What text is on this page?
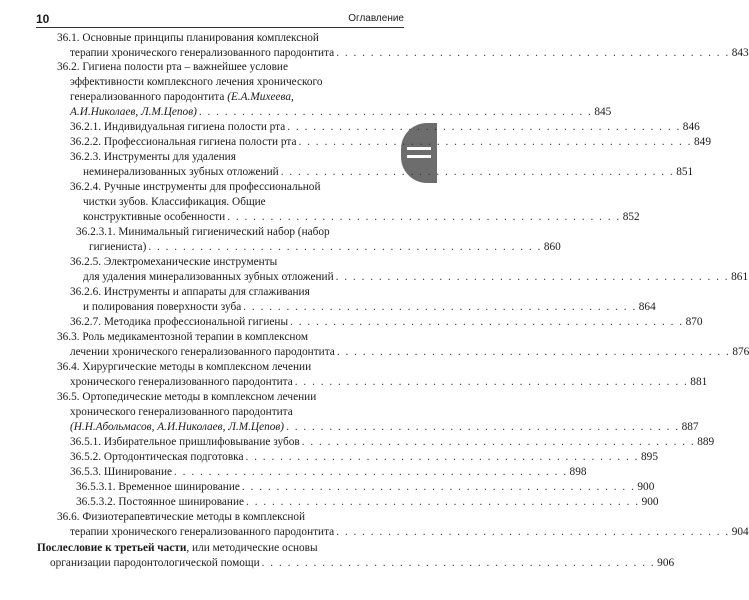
10	Оглавление
36.1. Основные принципы планирования комплексной
терапии хронического генерализованного пародонтита . . . . . . . . . . . . . . . . . . . . . . . . . . . . . . . . . . . . . . . . . . . . . . 843
36.2. Гигиена полости рта – важнейшее условие
эффективности комплексного лечения хронического
генерализованного пародонтита (Е.А.Михеева,
А.И.Николаев, Л.М.Цепов) . . . . . . . . . . . . . . . . . . . . . . . . . . . . . . . . . . . . . . . . . . . . . . 845
36.2.1. Индивидуальная гигиена полости рта . . . . . . . . . . . . . . . . . . . . . . . . . . . . . . . . . . . . . . . . . . . . . . 846
36.2.2. Профессиональная гигиена полости рта . . . . . . . . . . . . . . . . . . . . . . . . . . . . . . . . . . . . . . . . . . . . . . 849
36.2.3. Инструменты для удаления
неминерализованных зубных отложений . . . . . . . . . . . . . . . . . . . . . . . . . . . . . . . . . . . . . . . . . . . . . . 851
36.2.4. Ручные инструменты для профессиональной
чистки зубов. Классификация. Общие
конструктивные особенности . . . . . . . . . . . . . . . . . . . . . . . . . . . . . . . . . . . . . . . . . . . . . . 852
36.2.3.1. Минимальный гигиенический набор (набор
гигиениста) . . . . . . . . . . . . . . . . . . . . . . . . . . . . . . . . . . . . . . . . . . . . . . 860
36.2.5. Электромеханические инструменты
для удаления минерализованных зубных отложений . . . . . . . . . . . . . . . . . . . . . . . . . . . . . . . . . . . . . . . . . . . . . . 861
36.2.6. Инструменты и аппараты для сглаживания
и полирования поверхности зуба . . . . . . . . . . . . . . . . . . . . . . . . . . . . . . . . . . . . . . . . . . . . . . 864
36.2.7. Методика профессиональной гигиены . . . . . . . . . . . . . . . . . . . . . . . . . . . . . . . . . . . . . . . . . . . . . . 870
36.3. Роль медикаментозной терапии в комплексном
лечении хронического генерализованного пародонтита . . . . . . . . . . . . . . . . . . . . . . . . . . . . . . . . . . . . . . . . . . . . . . 876
36.4. Хирургические методы в комплексном лечении
хронического генерализованного пародонтита . . . . . . . . . . . . . . . . . . . . . . . . . . . . . . . . . . . . . . . . . . . . . . 881
36.5. Ортопедические методы в комплексном лечении
хронического генерализованного пародонтита
(Н.Н.Абольмасов, А.И.Николаев, Л.М.Цепов) . . . . . . . . . . . . . . . . . . . . . . . . . . . . . . . . . . . . . . . . . . . . . . 887
36.5.1. Избирательное пришлифовывание зубов . . . . . . . . . . . . . . . . . . . . . . . . . . . . . . . . . . . . . . . . . . . . . . 889
36.5.2. Ортодонтическая подготовка . . . . . . . . . . . . . . . . . . . . . . . . . . . . . . . . . . . . . . . . . . . . . . 895
36.5.3. Шинирование . . . . . . . . . . . . . . . . . . . . . . . . . . . . . . . . . . . . . . . . . . . . . . 898
36.5.3.1. Временное шинирование . . . . . . . . . . . . . . . . . . . . . . . . . . . . . . . . . . . . . . . . . . . . . . 900
36.5.3.2. Постоянное шинирование . . . . . . . . . . . . . . . . . . . . . . . . . . . . . . . . . . . . . . . . . . . . . . 900
36.6. Физиотерапевтические методы в комплексной
терапии хронического генерализованного пародонтита . . . . . . . . . . . . . . . . . . . . . . . . . . . . . . . . . . . . . . . . . . . . . . 904
Послесловие к третьей части, или методические основы
организации пародонтологической помощи . . . . . . . . . . . . . . . . . . . . . . . . . . . . . . . . . . . . . . . . . . . . . . 906
